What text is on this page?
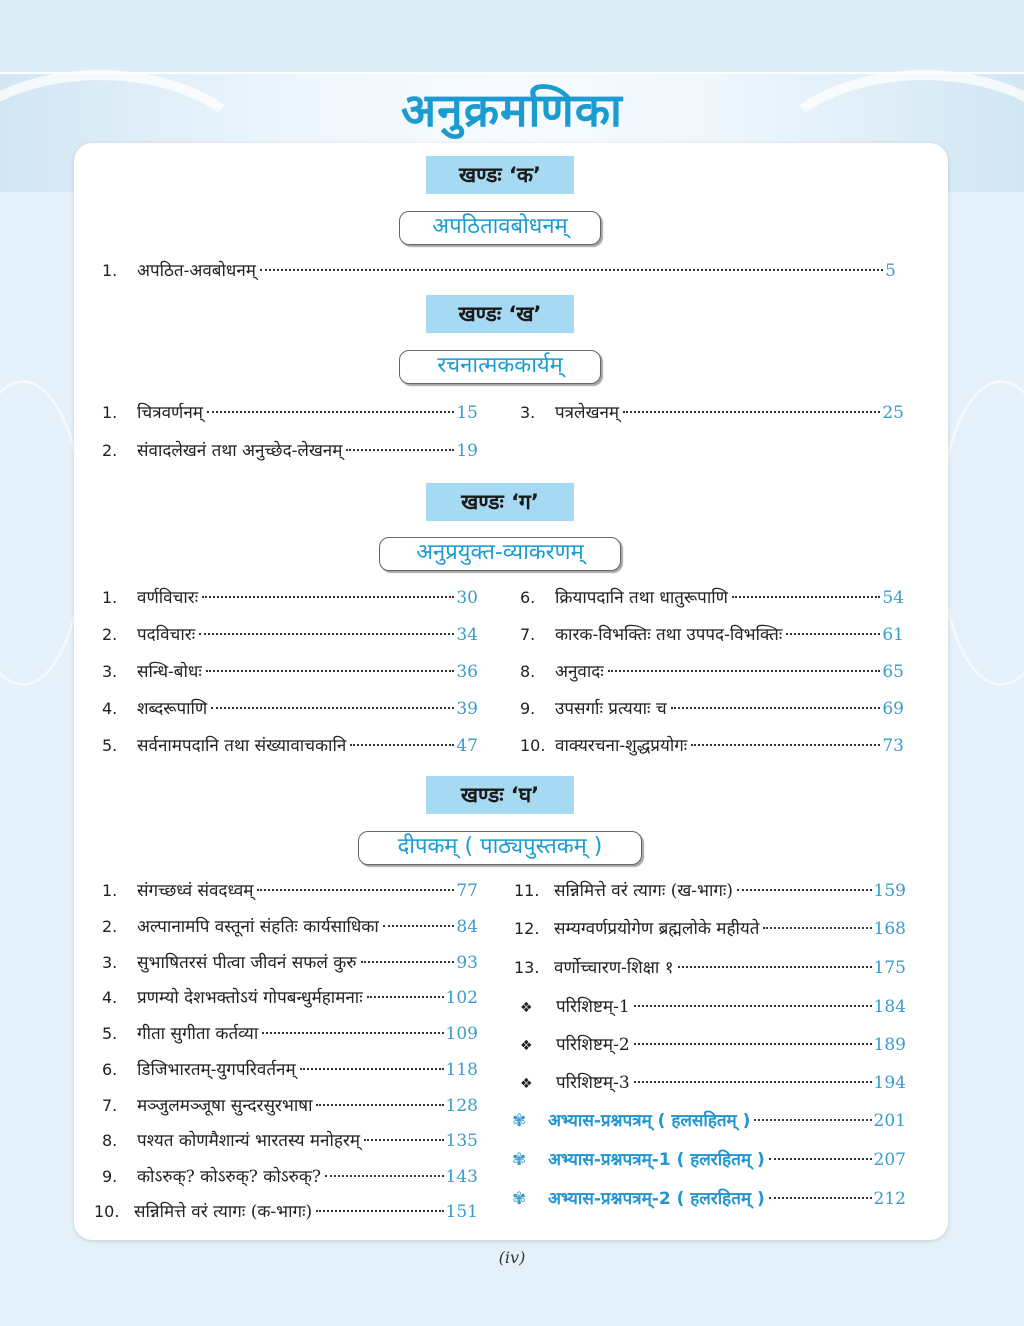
अनुक्रमणिका
खण्डः ‘क’
अपठितावबोधनम्
1.	अपठित-अवबोधनम्	5
खण्डः ‘ख’
रचनात्मककार्यम्
1.	चित्रवर्णनम्	15
2.	संवादलेखनं तथा अनुच्छेद-लेखनम्	19
3.	पत्रलेखनम्	25
खण्डः ‘ग’
अनुप्रयुक्त-व्याकरणम्
1.	वर्णविचारः	30
2.	पदविचारः	34
3.	सन्धि-बोधः	36
4.	शब्दरूपाणि	39
5.	सर्वनामपदानि तथा संख्यावाचकानि	47
6.	क्रियापदानि तथा धातुरूपाणि	54
7.	कारक-विभक्तिः तथा उपपद-विभक्तिः	61
8.	अनुवादः	65
9.	उपसर्गाः प्रत्ययाः च	69
10. वाक्यरचना-शुद्धप्रयोगः	73
खण्डः ‘घ’
दीपकम् ( पाठ्यपुस्तकम् )
1.	संगच्छध्वं संवदध्वम्	77
2.	अल्पानामपि वस्तूनां संहतिः कार्यसाधिका	84
3.	सुभाषितरसं पीत्वा जीवनं सफलं कुरु	93
4.	प्रणम्यो देशभक्तोऽयं गोपबन्धुर्महामनाः	102
5.	गीता सुगीता कर्तव्या	109
6.	डिजिभारतम्-युगपरिवर्तनम्	118
7.	मञ्जुलमञ्जूषा सुन्दरसुरभाषा	128
8.	पश्यत कोणमैशान्यं भारतस्य मनोहरम्	135
9.	कोऽरुक्? कोऽरुक्? कोऽरुक्?	143
10. सन्निमित्ते वरं त्यागः (क-भागः)	151
11. सन्निमित्ते वरं त्यागः (ख-भागः)	159
12. सम्यग्वर्णप्रयोगेण ब्रह्मलोके महीयते	168
13. वर्णोच्चारण-शिक्षा १	175
❖	परिशिष्टम्-1	184
❖	परिशिष्टम्-2	189
❖	परिशिष्टम्-3	194
✾	अभ्यास-प्रश्नपत्रम् ( हलसहितम् )	201
✾	अभ्यास-प्रश्नपत्रम्-1 ( हलरहितम् )	207
✾	अभ्यास-प्रश्नपत्रम्-2 ( हलरहितम् )	212
(iv)
